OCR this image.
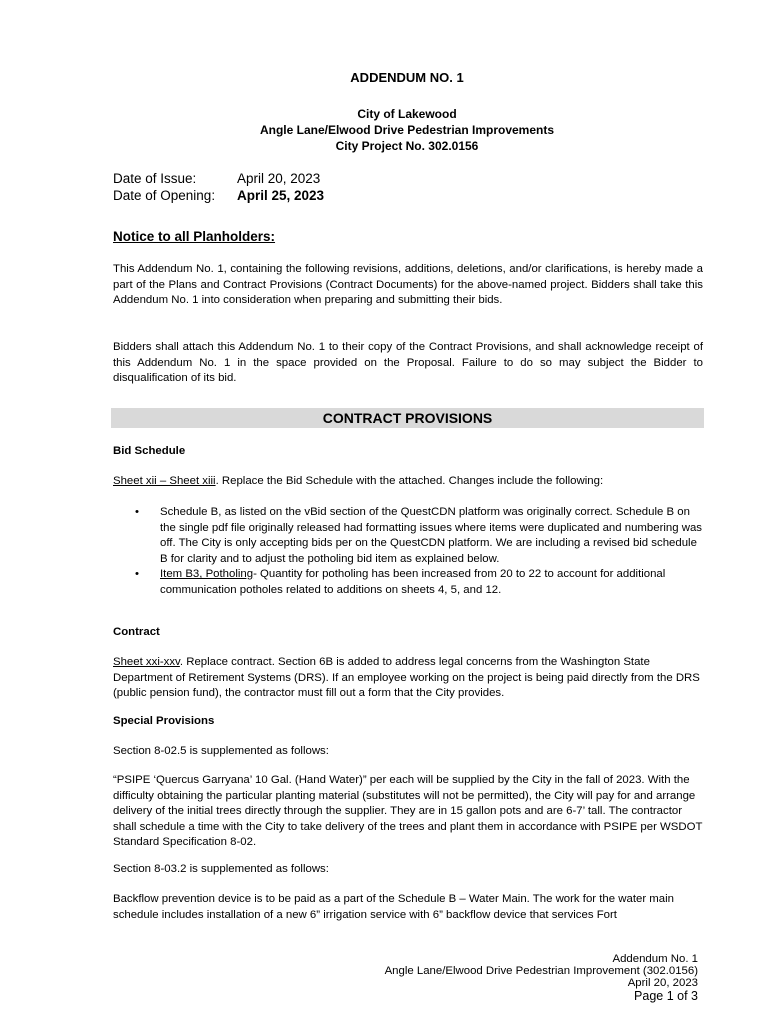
ADDENDUM NO. 1
City of Lakewood
Angle Lane/Elwood Drive Pedestrian Improvements
City Project No. 302.0156
Date of Issue:	April 20, 2023
Date of Opening: April 25, 2023
Notice to all Planholders:
This Addendum No. 1, containing the following revisions, additions, deletions, and/or clarifications, is hereby made a part of the Plans and Contract Provisions (Contract Documents) for the above-named project. Bidders shall take this Addendum No. 1 into consideration when preparing and submitting their bids.
Bidders shall attach this Addendum No. 1 to their copy of the Contract Provisions, and shall acknowledge receipt of this Addendum No. 1 in the space provided on the Proposal. Failure to do so may subject the Bidder to disqualification of its bid.
CONTRACT PROVISIONS
Bid Schedule
Sheet xii – Sheet xiii. Replace the Bid Schedule with the attached. Changes include the following:
• Schedule B, as listed on the vBid section of the QuestCDN platform was originally correct. Schedule B on the single pdf file originally released had formatting issues where items were duplicated and numbering was off. The City is only accepting bids per on the QuestCDN platform. We are including a revised bid schedule B for clarity and to adjust the potholing bid item as explained below.
• Item B3, Potholing- Quantity for potholing has been increased from 20 to 22 to account for additional communication potholes related to additions on sheets 4, 5, and 12.
Contract
Sheet xxi-xxv. Replace contract. Section 6B is added to address legal concerns from the Washington State Department of Retirement Systems (DRS). If an employee working on the project is being paid directly from the DRS (public pension fund), the contractor must fill out a form that the City provides.
Special Provisions
Section 8-02.5 is supplemented as follows:
“PSIPE ‘Quercus Garryana’ 10 Gal. (Hand Water)” per each will be supplied by the City in the fall of 2023. With the difficulty obtaining the particular planting material (substitutes will not be permitted), the City will pay for and arrange delivery of the initial trees directly through the supplier. They are in 15 gallon pots and are 6-7’ tall. The contractor shall schedule a time with the City to take delivery of the trees and plant them in accordance with PSIPE per WSDOT Standard Specification 8-02.
Section 8-03.2 is supplemented as follows:
Backflow prevention device is to be paid as a part of the Schedule B – Water Main. The work for the water main schedule includes installation of a new 6” irrigation service with 6” backflow device that services Fort
Addendum No. 1
Angle Lane/Elwood Drive Pedestrian Improvement (302.0156)
April 20, 2023
Page 1 of 3
